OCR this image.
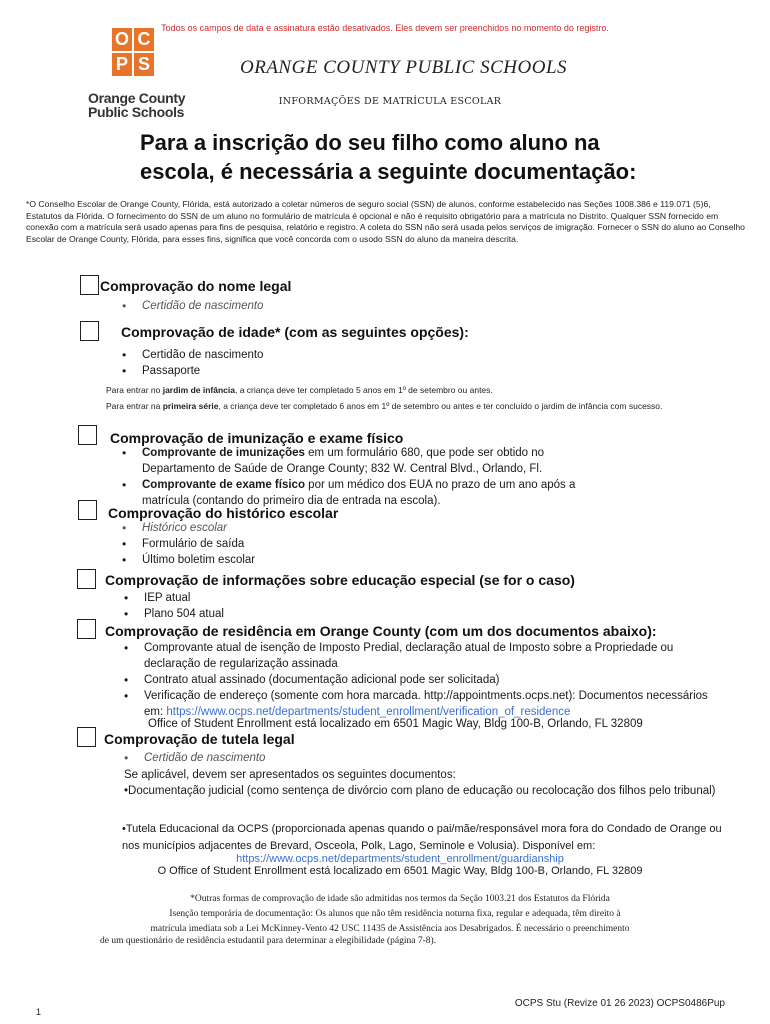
Todos os campos de data e assinatura estão desativados. Eles devem ser preenchidos no momento do registro.
O C
P S
Orange County
Public Schools
ORANGE COUNTY PUBLIC SCHOOLS
INFORMAÇÕES DE MATRÍCULA ESCOLAR
Para a inscrição do seu filho como aluno na
escola, é necessária a seguinte documentação:
*O Conselho Escolar de Orange County, Flórida, está autorizado a coletar números de seguro social (SSN) de alunos, conforme estabelecido nas Seções 1008.386 e 119.071 (5)6, Estatutos da Flórida. O fornecimento do SSN de um aluno no formulário de matrícula é opcional e não é requisito obrigatório para a matrícula no Distrito. Qualquer SSN fornecido em conexão com a matrícula será usado apenas para fins de pesquisa, relatório e registro. A coleta do SSN não será usada pelos serviços de imigração. Fornecer o SSN do aluno ao Conselho Escolar de Orange County, Flórida, para esses fins, significa que você concorda com o usodo SSN do aluno da maneira descrita.
Comprovação do nome legal
• Certidão de nascimento
Comprovação de idade* (com as seguintes opções):
• Certidão de nascimento
• Passaporte
Para entrar no jardim de infância, a criança deve ter completado 5 anos em 1º de setembro ou antes.
Para entrar na primeira série, a criança deve ter completado 6 anos em 1º de setembro ou antes e ter concluído o jardim de infância com sucesso.
Comprovação de imunização e exame físico
• Comprovante de imunizações em um formulário 680, que pode ser obtido no Departamento de Saúde de Orange County; 832 W. Central Blvd., Orlando, Fl.
• Comprovante de exame físico por um médico dos EUA no prazo de um ano após a matrícula (contando do primeiro dia de entrada na escola).
Comprovação do histórico escolar
• Histórico escolar
• Formulário de saída
• Último boletim escolar
Comprovação de informações sobre educação especial (se for o caso)
• IEP atual
• Plano 504 atual
Comprovação de residência em Orange County (com um dos documentos abaixo):
• Comprovante atual de isenção de Imposto Predial, declaração atual de Imposto sobre a Propriedade ou declaração de regularização assinada
• Contrato atual assinado (documentação adicional pode ser solicitada)
• Verificação de endereço (somente com hora marcada. http://appointments.ocps.net): Documentos necessários em: https://www.ocps.net/departments/student_enrollment/verification_of_residence
Office of Student Enrollment está localizado em 6501 Magic Way, Bldg 100-B, Orlando, FL 32809
Comprovação de tutela legal
• Certidão de nascimento
Se aplicável, devem ser apresentados os seguintes documentos:
•Documentação judicial (como sentença de divórcio com plano de educação ou recolocação dos filhos pelo tribunal)
•Tutela Educacional da OCPS (proporcionada apenas quando o pai/mãe/responsável mora fora do Condado de Orange ou nos municípios adjacentes de Brevard, Osceola, Polk, Lago, Seminole e Volusia). Disponível em:
https://www.ocps.net/departments/student_enrollment/guardianship
O Office of Student Enrollment está localizado em 6501 Magic Way, Bldg 100-B, Orlando, FL 32809
*Outras formas de comprovação de idade são admitidas nos termos da Seção 1003.21 dos Estatutos da Flórida
Isenção temporária de documentação: Os alunos que não têm residência noturna fixa, regular e adequada, têm direito à
matrícula imediata sob a Lei McKinney-Vento 42 USC 11435 de Assistência aos Desabrigados. É necessário o preenchimento
de um questionário de residência estudantil para determinar a elegibilidade (página 7-8).
OCPS Stu (Revize 01 26 2023) OCPS0486Pup
1
